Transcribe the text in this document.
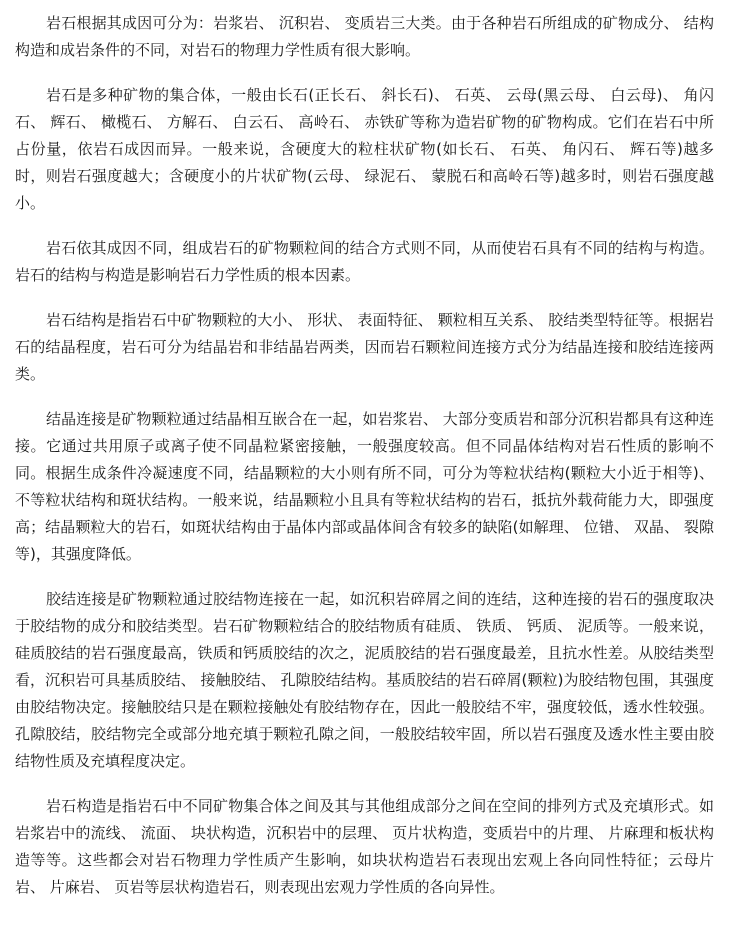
岩石根据其成因可分为：岩浆岩、 沉积岩、 变质岩三大类。由于各种岩石所组成的矿物成分、 结构构造和成岩条件的不同，对岩石的物理力学性质有很大影响。

岩石是多种矿物的集合体，一般由长石(正长石、 斜长石)、 石英、 云母(黑云母、 白云母)、 角闪石、 辉石、 橄榄石、 方解石、 白云石、 高岭石、 赤铁矿等称为造岩矿物的矿物构成。它们在岩石中所占份量，依岩石成因而异。一般来说，含硬度大的粒柱状矿物(如长石、 石英、 角闪石、 辉石等)越多时，则岩石强度越大；含硬度小的片状矿物(云母、 绿泥石、 蒙脱石和高岭石等)越多时，则岩石强度越小。

岩石依其成因不同，组成岩石的矿物颗粒间的结合方式则不同，从而使岩石具有不同的结构与构造。岩石的结构与构造是影响岩石力学性质的根本因素。

岩石结构是指岩石中矿物颗粒的大小、 形状、 表面特征、 颗粒相互关系、 胶结类型特征等。根据岩石的结晶程度，岩石可分为结晶岩和非结晶岩两类，因而岩石颗粒间连接方式分为结晶连接和胶结连接两类。

结晶连接是矿物颗粒通过结晶相互嵌合在一起，如岩浆岩、 大部分变质岩和部分沉积岩都具有这种连接。它通过共用原子或离子使不同晶粒紧密接触，一般强度较高。但不同晶体结构对岩石性质的影响不同。根据生成条件冷凝速度不同，结晶颗粒的大小则有所不同，可分为等粒状结构(颗粒大小近于相等)、 不等粒状结构和斑状结构。一般来说，结晶颗粒小且具有等粒状结构的岩石，抵抗外载荷能力大，即强度高；结晶颗粒大的岩石，如斑状结构由于晶体内部或晶体间含有较多的缺陷(如解理、 位错、 双晶、 裂隙等)，其强度降低。

胶结连接是矿物颗粒通过胶结物连接在一起，如沉积岩碎屑之间的连结，这种连接的岩石的强度取决于胶结物的成分和胶结类型。岩石矿物颗粒结合的胶结物质有硅质、 铁质、 钙质、 泥质等。一般来说，硅质胶结的岩石强度最高，铁质和钙质胶结的次之，泥质胶结的岩石强度最差，且抗水性差。从胶结类型看，沉积岩可具基质胶结、 接触胶结、 孔隙胶结结构。基质胶结的岩石碎屑(颗粒)为胶结物包围，其强度由胶结物决定。接触胶结只是在颗粒接触处有胶结物存在，因此一般胶结不牢，强度较低，透水性较强。孔隙胶结，胶结物完全或部分地充填于颗粒孔隙之间，一般胶结较牢固，所以岩石强度及透水性主要由胶结物性质及充填程度决定。

岩石构造是指岩石中不同矿物集合体之间及其与其他组成部分之间在空间的排列方式及充填形式。如岩浆岩中的流线、 流面、 块状构造，沉积岩中的层理、 页片状构造，变质岩中的片理、 片麻理和板状构造等等。这些都会对岩石物理力学性质产生影响，如块状构造岩石表现出宏观上各向同性特征；云母片岩、 片麻岩、 页岩等层状构造岩石，则表现出宏观力学性质的各向异性。
